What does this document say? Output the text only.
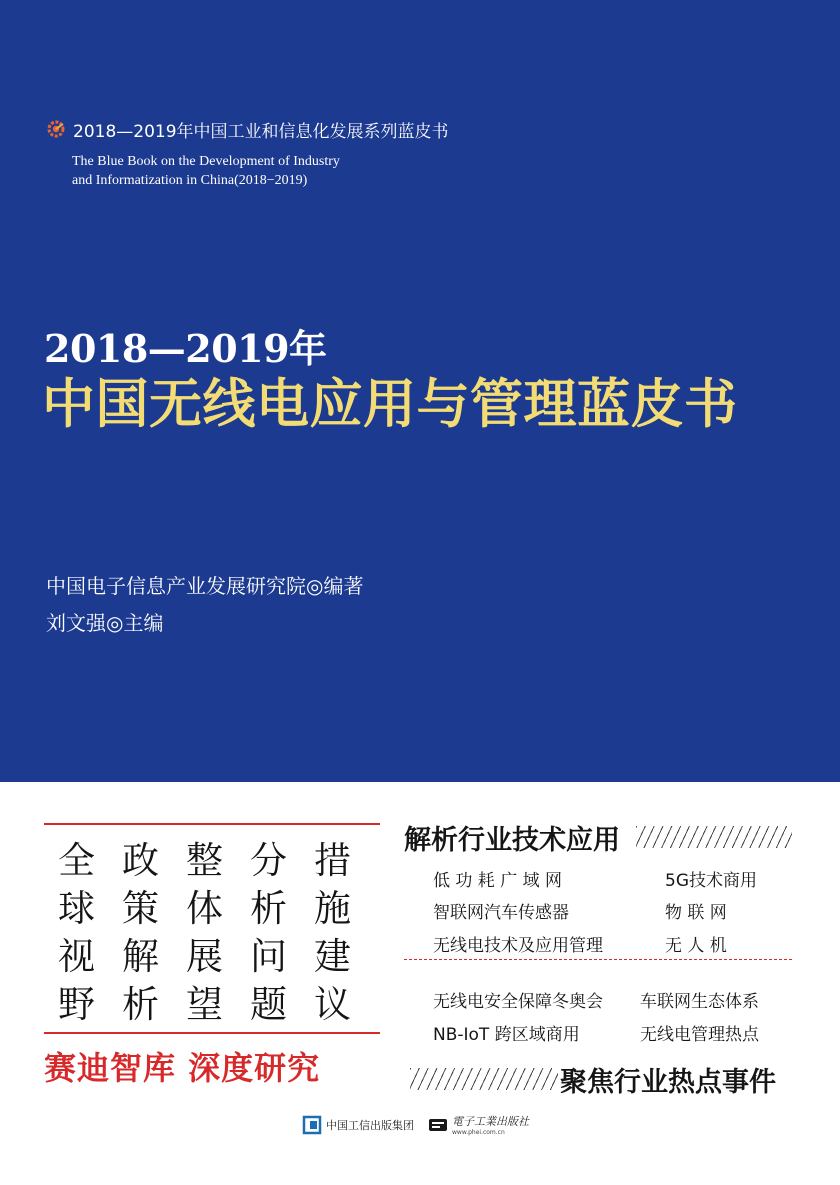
2018—2019年中国工业和信息化发展系列蓝皮书
The Blue Book on the Development of Industry
and Informatization in China(2018−2019)
2018—2019年
中国无线电应用与管理蓝皮书
中国电子信息产业发展研究院◎编著
刘文强◎主编
全 政 整 分 措
球 策 体 析 施
视 解 展 问 建
野 析 望 题 议
赛迪智库 深度研究
解析行业技术应用
低 功 耗 广 域 网	5G技术商用
智联网汽车传感器	物 联 网
无线电技术及应用管理	无 人 机
无线电安全保障冬奥会	车联网生态体系
NB-IoT 跨区域商用	无线电管理热点
聚焦行业热点事件
中国工信出版集团	電子工業出版社
www.phei.com.cn
